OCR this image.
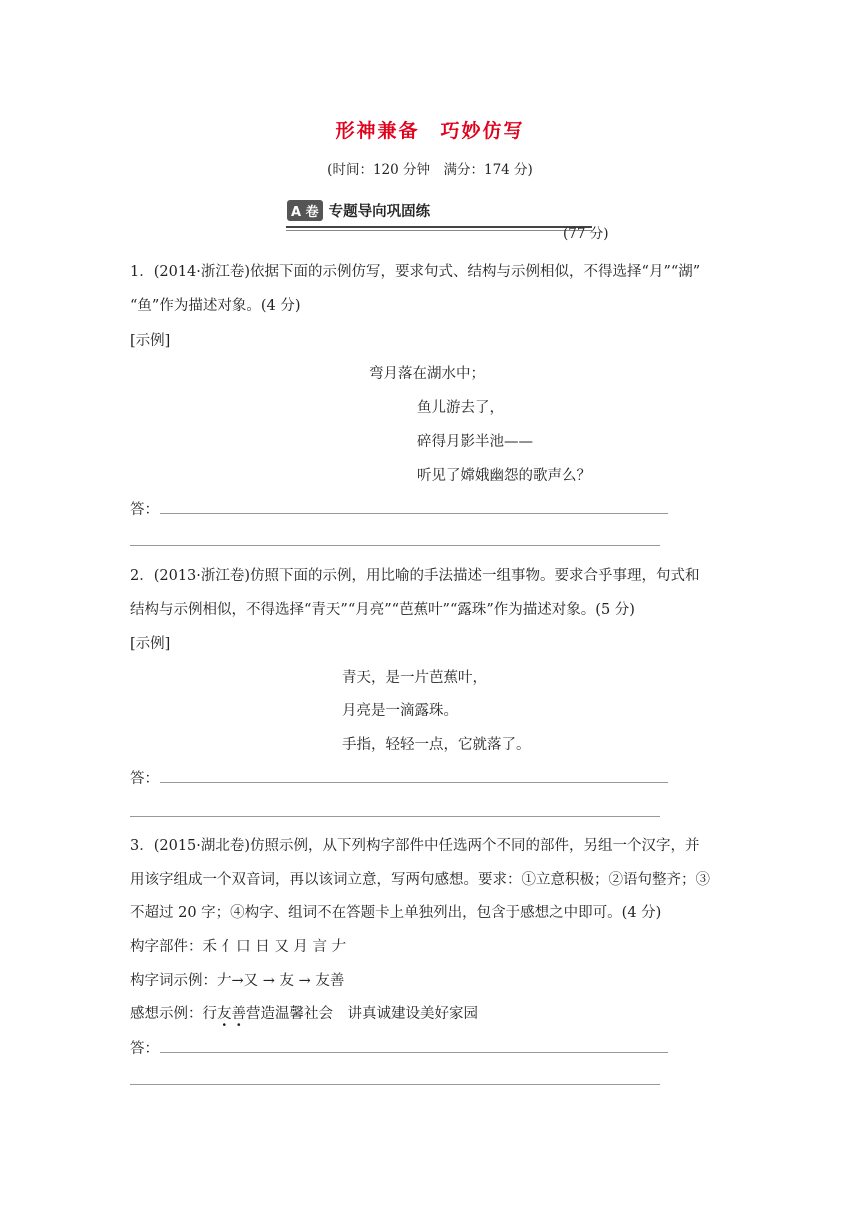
形神兼备　巧妙仿写
(时间：120 分钟　满分：174 分)
A 卷 专题导向巩固练
(77 分)
1．(2014·浙江卷)依据下面的示例仿写，要求句式、结构与示例相似，不得选择“月”“湖”
“鱼”作为描述对象。(4 分)
[示例]
弯月落在湖水中；
鱼儿游去了，
碎得月影半池——
听见了嫦娥幽怨的歌声么？
答：
2．(2013·浙江卷)仿照下面的示例，用比喻的手法描述一组事物。要求合乎事理，句式和
结构与示例相似，不得选择“青天”“月亮”“芭蕉叶”“露珠”作为描述对象。(5 分)
[示例]
青天，是一片芭蕉叶，
月亮是一滴露珠。
手指，轻轻一点，它就落了。
答：
3．(2015·湖北卷)仿照示例，从下列构字部件中任选两个不同的部件，另组一个汉字，并
用该字组成一个双音词，再以该词立意，写两句感想。要求：①立意积极；②语句整齐；③
不超过 20 字；④构字、组词不在答题卡上单独列出，包含于感想之中即可。(4 分)
构字部件：禾 亻口 日 又 月 言 𠂇
构字词示例：𠂇→又 → 友 → 友善
感想示例：行友善营造温馨社会　讲真诚建设美好家园
答：
